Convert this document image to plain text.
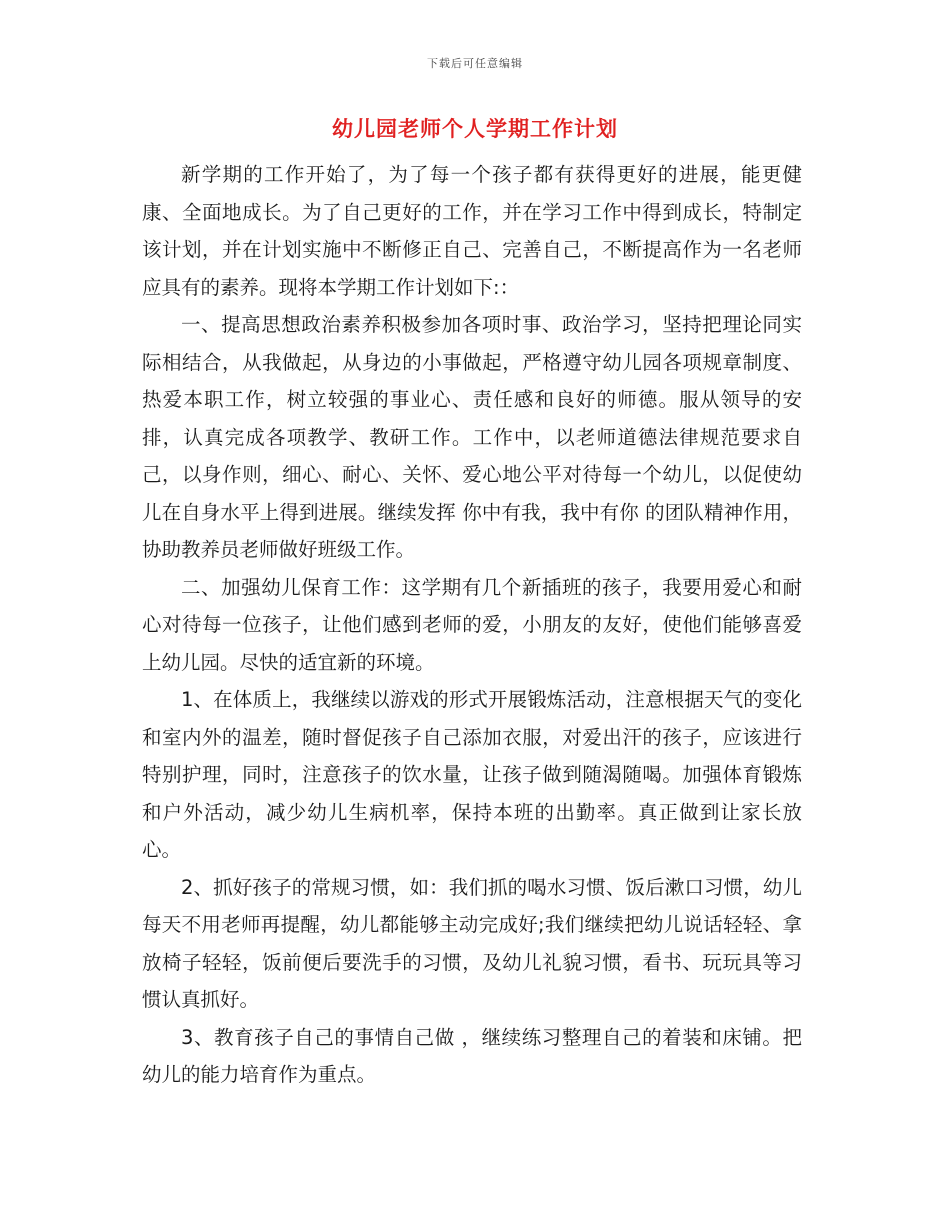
下载后可任意编辑
幼儿园老师个人学期工作计划

新学期的工作开始了，为了每一个孩子都有获得更好的进展，能更健康、全面地成长。为了自己更好的工作，并在学习工作中得到成长，特制定该计划，并在计划实施中不断修正自己、完善自己，不断提高作为一名老师应具有的素养。现将本学期工作计划如下:：

一、提高思想政治素养积极参加各项时事、政治学习，坚持把理论同实际相结合，从我做起，从身边的小事做起，严格遵守幼儿园各项规章制度、热爱本职工作，树立较强的事业心、责任感和良好的师德。服从领导的安排，认真完成各项教学、教研工作。工作中，以老师道德法律规范要求自己，以身作则，细心、耐心、关怀、爱心地公平对待每一个幼儿，以促使幼儿在自身水平上得到进展。继续发挥 你中有我，我中有你 的团队精神作用，协助教养员老师做好班级工作。

二、加强幼儿保育工作：这学期有几个新插班的孩子，我要用爱心和耐心对待每一位孩子，让他们感到老师的爱，小朋友的友好，使他们能够喜爱上幼儿园。尽快的适宜新的环境。

1、在体质上，我继续以游戏的形式开展锻炼活动，注意根据天气的变化和室内外的温差，随时督促孩子自己添加衣服，对爱出汗的孩子，应该进行特别护理，同时，注意孩子的饮水量，让孩子做到随渴随喝。加强体育锻炼和户外活动，减少幼儿生病机率，保持本班的出勤率。真正做到让家长放心。

2、抓好孩子的常规习惯，如：我们抓的喝水习惯、饭后漱口习惯，幼儿每天不用老师再提醒，幼儿都能够主动完成好;我们继续把幼儿说话轻轻、拿放椅子轻轻，饭前便后要洗手的习惯，及幼儿礼貌习惯，看书、玩玩具等习惯认真抓好。

3、教育孩子自己的事情自己做 ，继续练习整理自己的着装和床铺。把幼儿的能力培育作为重点。
